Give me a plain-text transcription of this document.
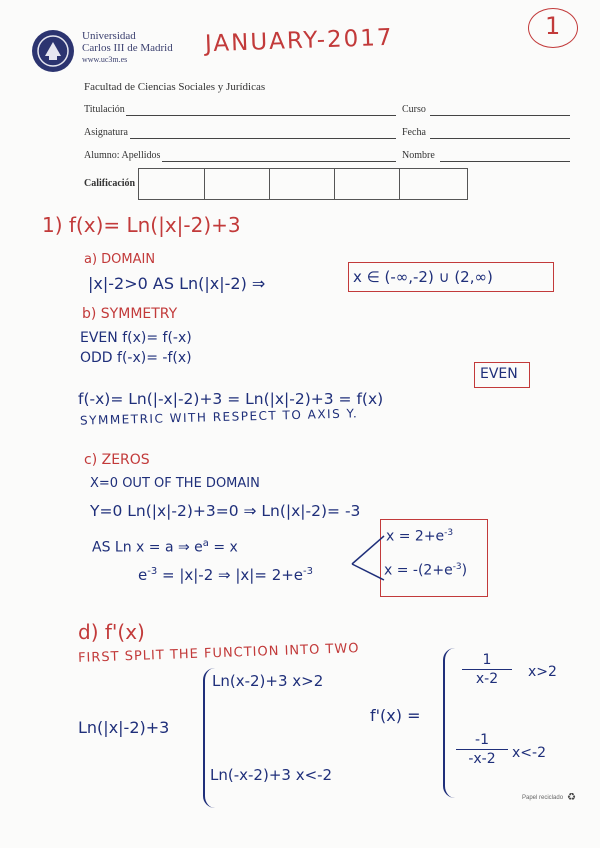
Universidad
Carlos III de Madrid
www.uc3m.es
JANUARY-2017	1
Facultad de Ciencias Sociales y Jurídicas
Titulación	Curso
Asignatura	Fecha
Alumno: Apellidos	Nombre
Calificación
1) f(x)= Ln(|x|-2)+3
a) DOMAIN
|x|-2>0 AS Ln(|x|-2) ⇒	x ∈ (-∞,-2) ∪ (2,∞)
b) SYMMETRY
EVEN f(x)= f(-x)
ODD f(-x)= -f(x)
f(-x)= Ln(|-x|-2)+3 = Ln(|x|-2)+3 = f(x)
EVEN
SYMMETRIC WITH RESPECT TO AXIS Y.
c) ZEROS
X=0 OUT OF THE DOMAIN
Y=0 Ln(|x|-2)+3=0 ⇒ Ln(|x|-2)= -3
AS Ln x = a ⇒ $e^a = x$
$e^{-3} = |x|-2$ ⇒ $|x|= 2+e^{-3}$
$x = 2+e^{-3}$
$x = -(2+e^{-3})$
d) f'(x)
FIRST SPLIT THE FUNCTION INTO TWO
Ln(|x|-2)+3
Ln(x-2)+3 x>2
Ln(-x-2)+3 x<-2
f'(x) =
1
x-2	x>2
-1
-x-2	x<-2
Papel reciclado ♻
